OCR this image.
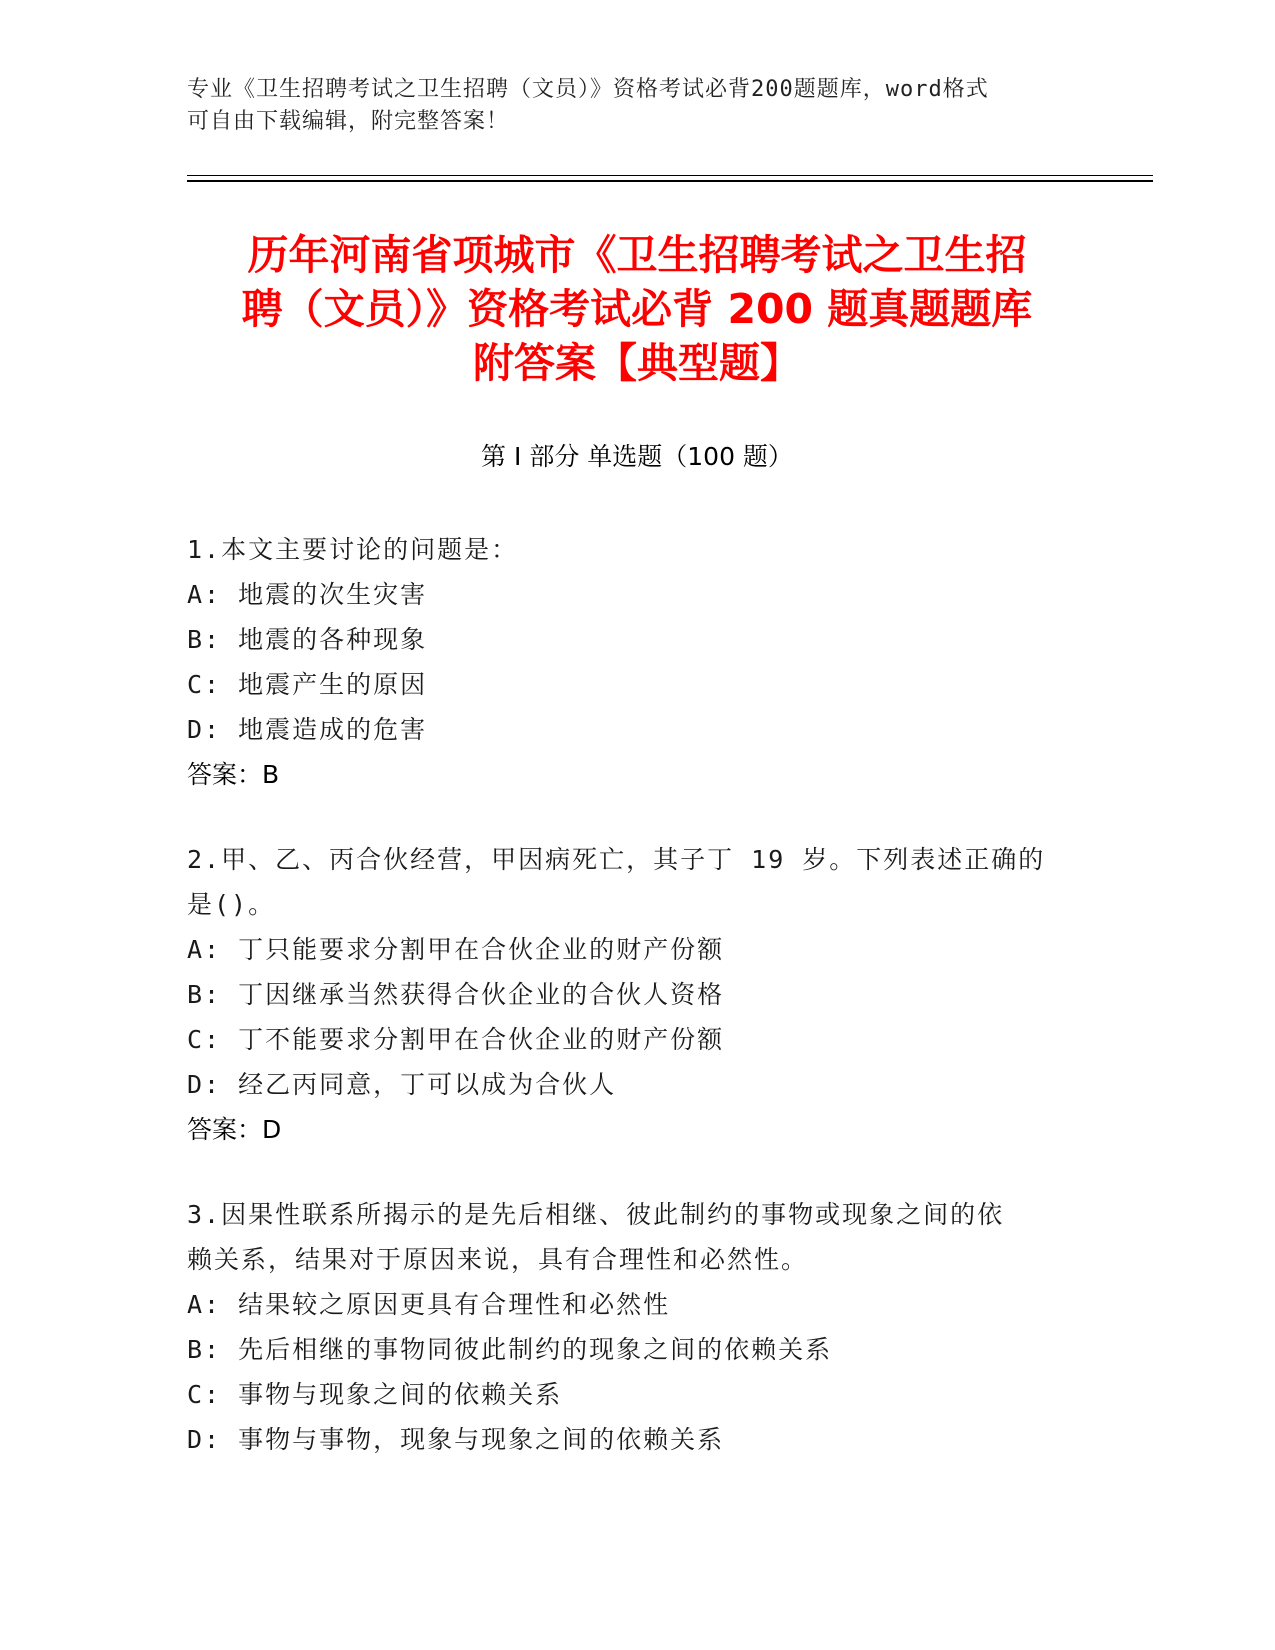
专业《卫生招聘考试之卫生招聘（文员）》资格考试必背200题题库，word格式
可自由下载编辑，附完整答案！
历年河南省项城市《卫生招聘考试之卫生招
聘（文员）》资格考试必背 200 题真题题库
附答案【典型题】
第 I 部分 单选题（100 题）

1.本文主要讨论的问题是：

A: 地震的次生灾害

B: 地震的各种现象

C: 地震产生的原因

D: 地震造成的危害

答案：B

2.甲、乙、丙合伙经营，甲因病死亡，其子丁 19 岁。下列表述正确的

是()。

A: 丁只能要求分割甲在合伙企业的财产份额

B: 丁因继承当然获得合伙企业的合伙人资格

C: 丁不能要求分割甲在合伙企业的财产份额

D: 经乙丙同意，丁可以成为合伙人

答案：D

3.因果性联系所揭示的是先后相继、彼此制约的事物或现象之间的依

赖关系，结果对于原因来说，具有合理性和必然性。

A: 结果较之原因更具有合理性和必然性

B: 先后相继的事物同彼此制约的现象之间的依赖关系

C: 事物与现象之间的依赖关系

D: 事物与事物，现象与现象之间的依赖关系
